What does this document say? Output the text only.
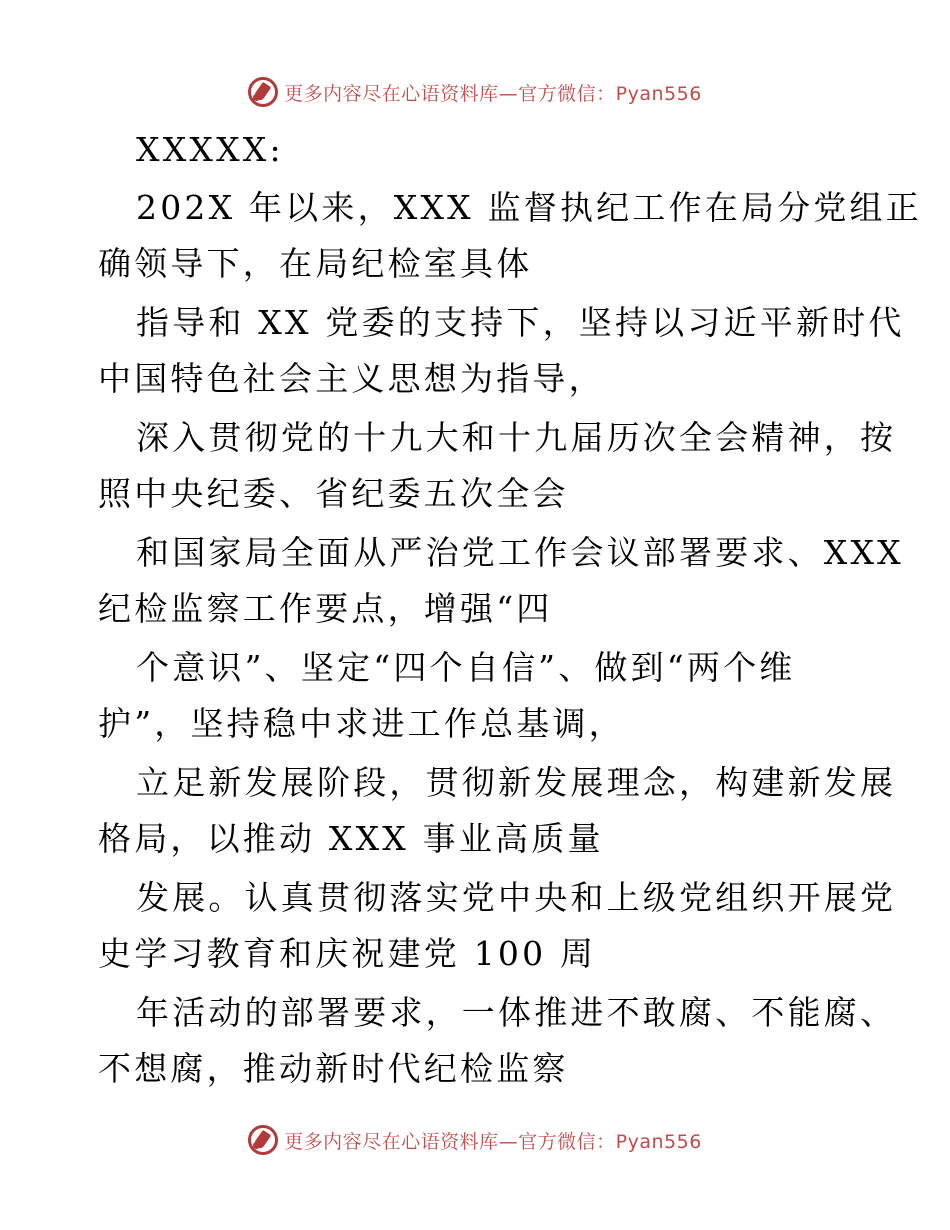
更多内容尽在心语资料库—官方微信：Pyan556
XXXXX:
202X 年以来，XXX 监督执纪工作在局分党组正
确领导下，在局纪检室具体
指导和 XX 党委的支持下，坚持以习近平新时代
中国特色社会主义思想为指导，
深入贯彻党的十九大和十九届历次全会精神，按
照中央纪委、省纪委五次全会
和国家局全面从严治党工作会议部署要求、XXX
纪检监察工作要点，增强“四
个意识”、坚定“四个自信”、做到“两个维
护”，坚持稳中求进工作总基调，
立足新发展阶段，贯彻新发展理念，构建新发展
格局，以推动 XXX 事业高质量
发展。认真贯彻落实党中央和上级党组织开展党
史学习教育和庆祝建党 100 周
年活动的部署要求，一体推进不敢腐、不能腐、
不想腐，推动新时代纪检监察
更多内容尽在心语资料库—官方微信：Pyan556
